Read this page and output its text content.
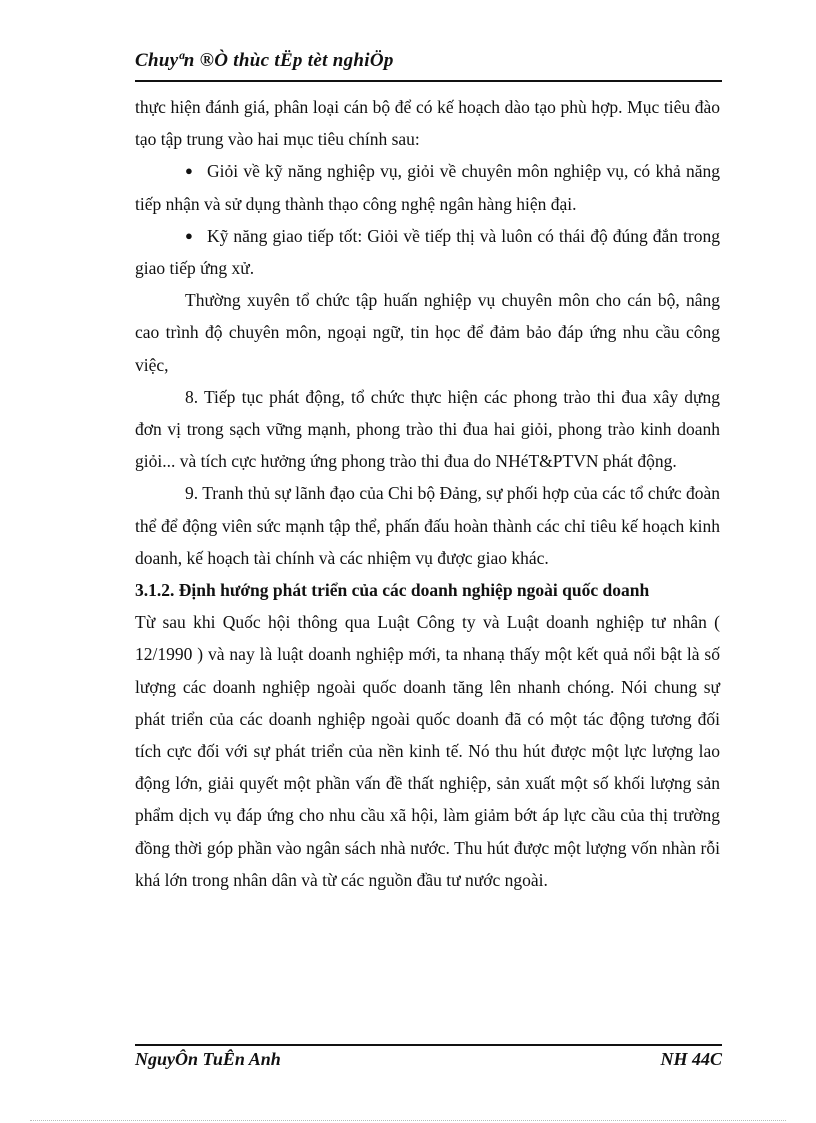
Chuyªn ®Ò thùc tËp tèt nghiÖp

thực hiện đánh giá, phân loại cán bộ để có kế hoạch dào tạo phù hợp. Mục tiêu đào tạo tập trung vào hai mục tiêu chính sau:

● Giỏi về kỹ năng nghiệp vụ, giỏi về chuyên môn nghiệp vụ, có khả năng tiếp nhận và sử dụng thành thạo công nghệ ngân hàng hiện đại.

● Kỹ năng giao tiếp tốt: Giỏi về tiếp thị và luôn có thái độ đúng đắn trong giao tiếp ứng xử.

Thường xuyên tổ chức tập huấn nghiệp vụ chuyên môn cho cán bộ, nâng cao trình độ chuyên môn, ngoại ngữ, tin học để đảm bảo đáp ứng nhu cầu công việc,

8. Tiếp tục phát động, tổ chức thực hiện các phong trào thi đua xây dựng đơn vị trong sạch vững mạnh, phong trào thi đua hai giỏi, phong trào kinh doanh giỏi... và tích cực hưởng ứng phong trào thi đua do NHéT&PTVN phát động.

9. Tranh thủ sự lãnh đạo của Chi bộ Đảng, sự phối hợp của các tổ chức đoàn thể để động viên sức mạnh tập thể, phấn đấu hoàn thành các chỉ tiêu kế hoạch kinh doanh, kế hoạch tài chính và các nhiệm vụ được giao khác.

3.1.2. Định hướng phát triển của các doanh nghiệp ngoài quốc doanh

Từ sau khi Quốc hội thông qua Luật Công ty và Luật doanh nghiệp tư nhân ( 12/1990 ) và nay là luật doanh nghiệp mới, ta nhanạ thấy một kết quả nổi bật là số lượng các doanh nghiệp ngoài quốc doanh tăng lên nhanh chóng. Nói chung sự phát triển của các doanh nghiệp ngoài quốc doanh đã có một tác động tương đối tích cực đối với sự phát triển của nền kinh tế. Nó thu hút được một lực lượng lao động lớn, giải quyết một phần vấn đề thất nghiệp, sản xuất một số khối lượng sản phẩm dịch vụ đáp ứng cho nhu cầu xã hội, làm giảm bớt áp lực cầu của thị trường đồng thời góp phần vào ngân sách nhà nước. Thu hút được một lượng vốn nhàn rỗi khá lớn trong nhân dân và từ các nguồn đầu tư nước ngoài.

NguyÔn TuÊn Anh	NH 44C
